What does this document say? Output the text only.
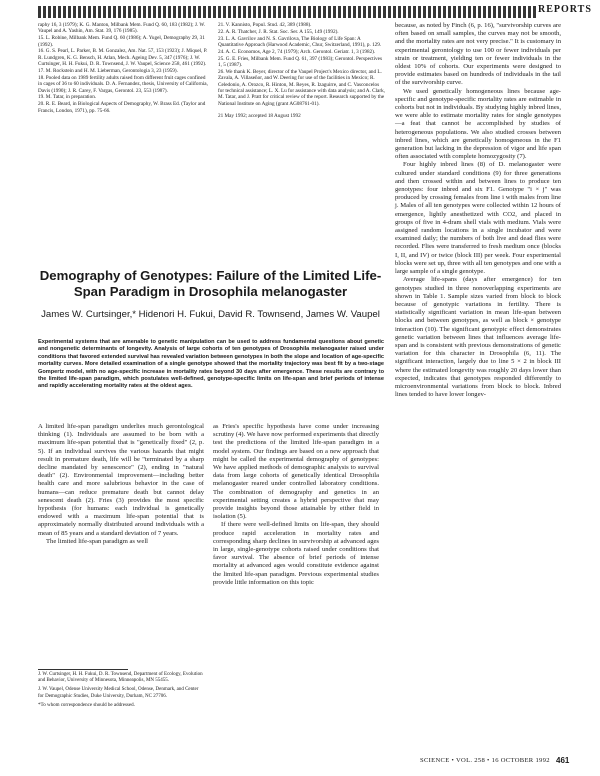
REPORTS

raphy 16, 3 (1979); K. G. Manton, Milbank Mem. Fund Q. 60, 183 (1982); J. W. Vaupel and A. Yashin, Am. Stat. 39, 176 (1985).

15. L. Robine, Milbank Mem. Fund Q. 60 (1986); A. Yugel, Demography 29, 31 (1992).

16. G. S. Pearl, L. Parker, B. M. Gonzalez, Am. Nat. 57, 153 (1923); J. Miquel, P. R. Lundgren, K. G. Bensch, H. Atlan, Mech. Ageing Dev. 5, 347 (1976); J. W. Curtsinger, H. H. Fukui, D. R. Townsend, J. W. Vaupel, Science 258, 461 (1992).

17. M. Rockstein and H. M. Lieberman, Gerontologia 3, 23 (1959).

18. Pooled data on 1989 fertility adults raised from different fruit cages confined in cages of 36 to 60 individuals. D. A. Fernandez, thesis, University of California, Davis (1990); J. R. Carey, F. Vargas, Gerontol. 23, 553 (1987).

19. M. Tatar, in preparation.

20. R. E. Beard, in Biological Aspects of Demography, W. Brass Ed. (Taylor and Francis, London, 1971), pp. 75-66.

21. V. Kannisto, Popul. Stud. 42, 389 (1988).

22. A. R. Thatcher, J. R. Stat. Soc. Ser. A 155, 149 (1992).

23. L. A. Gavrilov and N. S. Gavrilova, The Biology of Life Span: A Quantitative Approach (Harwood Academic, Chur, Switzerland, 1991), p. 129.

24. A. C. Economos, Age 2, 74 (1979); Arch. Gerontol. Geriatr. 1, 3 (1982).

25. G. E. Fries, Milbank Mem. Fund Q. 61, 397 (1983); Gerontol. Perspectives 1, 5 (1987).

26. We thank K. Beyer, director of the Vaupel Project's Mexico director, and L. Zavala, A. Villaseñor, and W. Deering for use of the facilities in Mexico; R. Celedonio, A. Orozco, R. Hinton, M. Reyes, R. Izaguirre, and C. Vasconcelos for technical assistance; L. X. Lu for assistance with data analysis; and A. Clark, M. Tatar, and J. Pratt for critical review of the report. Research supported by the National Institute on Aging (grant AG08761-01).

21 May 1992; accepted 18 August 1992

Demography of Genotypes: Failure of the Limited Life-Span Paradigm in Drosophila melanogaster
James W. Curtsinger,* Hidenori H. Fukui, David R. Townsend, James W. Vaupel

Experimental systems that are amenable to genetic manipulation can be used to address fundamental questions about genetic and nongenetic determinants of longevity. Analysis of large cohorts of ten genotypes of Drosophila melanogaster raised under conditions that favored extended survival has revealed variation between genotypes in both the slope and location of age-specific mortality curves. More detailed examination of a single genotype showed that the mortality trajectory was best fit by a two-stage Gompertz model, with no age-specific increase in mortality rates beyond 30 days after emergence. These results are contrary to the limited life-span paradigm, which postulates well-defined, genotype-specific limits on life-span and brief periods of intense and rapidly accelerating mortality rates at the oldest ages.

A limited life-span paradigm underlies much gerontological thinking (1). Individuals are assumed to be born with a maximum life-span potential that is "genetically fixed" (2, p. 5). If an individual survives the various hazards that might result in premature death, life will be "terminated by a sharp decline mandated by senescence" (2), ending in "natural death" (2). Environmental improvement—including better health care and more salubrious behavior in the case of humans—can reduce premature death but cannot delay senescent death (2). Fries (3) provides the most specific hypothesis (for humans: each individual is genetically endowed with a maximum life-span potential that is approximately normally distributed around individuals with a mean of 85 years and a standard deviation of 7 years.

The limited life-span paradigm as well

J. W. Curtsinger, H. H. Fukui, D. R. Townsend, Department of Ecology, Evolution and Behavior, University of Minnesota, Minneapolis, MN 55455.

J. W. Vaupel, Odense University Medical School, Odense, Denmark, and Center for Demographic Studies, Duke University, Durham, NC 27706.

*To whom correspondence should be addressed.

as Fries's specific hypothesis have come under increasing scrutiny (4). We have now performed experiments that directly test the predictions of the limited life-span paradigm in a model system. Our findings are based on a new approach that might be called the experimental demography of genotypes: We have applied methods of demographic analysis to survival data from large cohorts of genetically identical Drosophila melanogaster reared under controlled laboratory conditions. The combination of demography and genetics in an experimental setting creates a hybrid perspective that may provide insights beyond those attainable by either field in isolation (5).

If there were well-defined limits on life-span, they should produce rapid acceleration in mortality rates and corresponding sharp declines in survivorship at advanced ages in large, single-genotype cohorts raised under conditions that favor survival. The absence of brief periods of intense mortality at advanced ages would constitute evidence against the limited life-span paradigm. Previous experimental studies provide little information on this topic

because, as noted by Finch (6, p. 16), "survivorship curves are often based on small samples, the curves may not be smooth, and the mortality rates are not very precise." It is customary in experimental gerontology to use 100 or fewer individuals per strain or treatment, yielding ten or fewer individuals in the oldest 10% of cohorts. Our experiments were designed to provide estimates based on hundreds of individuals in the tail of the survivorship curve.

We used genetically homogeneous lines because age-specific and genotype-specific mortality rates are estimable in cohorts but not in individuals. By studying highly inbred lines, we were able to estimate mortality rates for single genotypes—a feat that cannot be accomplished by studies of heterogeneous populations. We also studied crosses between inbred lines, which are genetically homogeneous in the F1 generation but lacking in the depression of vigor and life span often associated with complete homozygosity (7).

Four highly inbred lines (8) of D. melanogaster were cultured under standard conditions (9) for three generations and then crossed within and between lines to produce ten genotypes: four inbred and six F1. Genotype "i × j" was produced by crossing females from line i with males from line j. Males of all ten genotypes were collected within 12 hours of emergence, lightly anesthetized with CO2, and placed in groups of five in 4-dram shell vials with medium. Vials were assigned random locations in a single incubator and were examined daily; the numbers of both live and dead flies were recorded. Flies were transferred to fresh medium once (blocks I, II, and IV) or twice (block III) per week. Four experimental blocks were set up, three with all ten genotypes and one with a large sample of a single genotype.

Average life-spans (days after emergence) for ten genotypes studied in three nonoverlapping experiments are shown in Table 1. Sample sizes varied from block to block because of genotypic variations in fertility. There is statistically significant variation in mean life-span between blocks and between genotypes, as well as block × genotype interaction (10). The significant genotypic effect demonstrates genetic variation between lines that influences average life-span and is consistent with previous demonstrations of genetic variation for this character in Drosophila (6, 11). The significant interaction, largely due to line 5 × 2 in block III where the estimated longevity was roughly 20 days lower than expected, indicates that genotypes responded differently to microenvironmental variations from block to block. Inbred lines tended to have lower longev-

SCIENCE • VOL. 258 • 16 OCTOBER 1992 461
